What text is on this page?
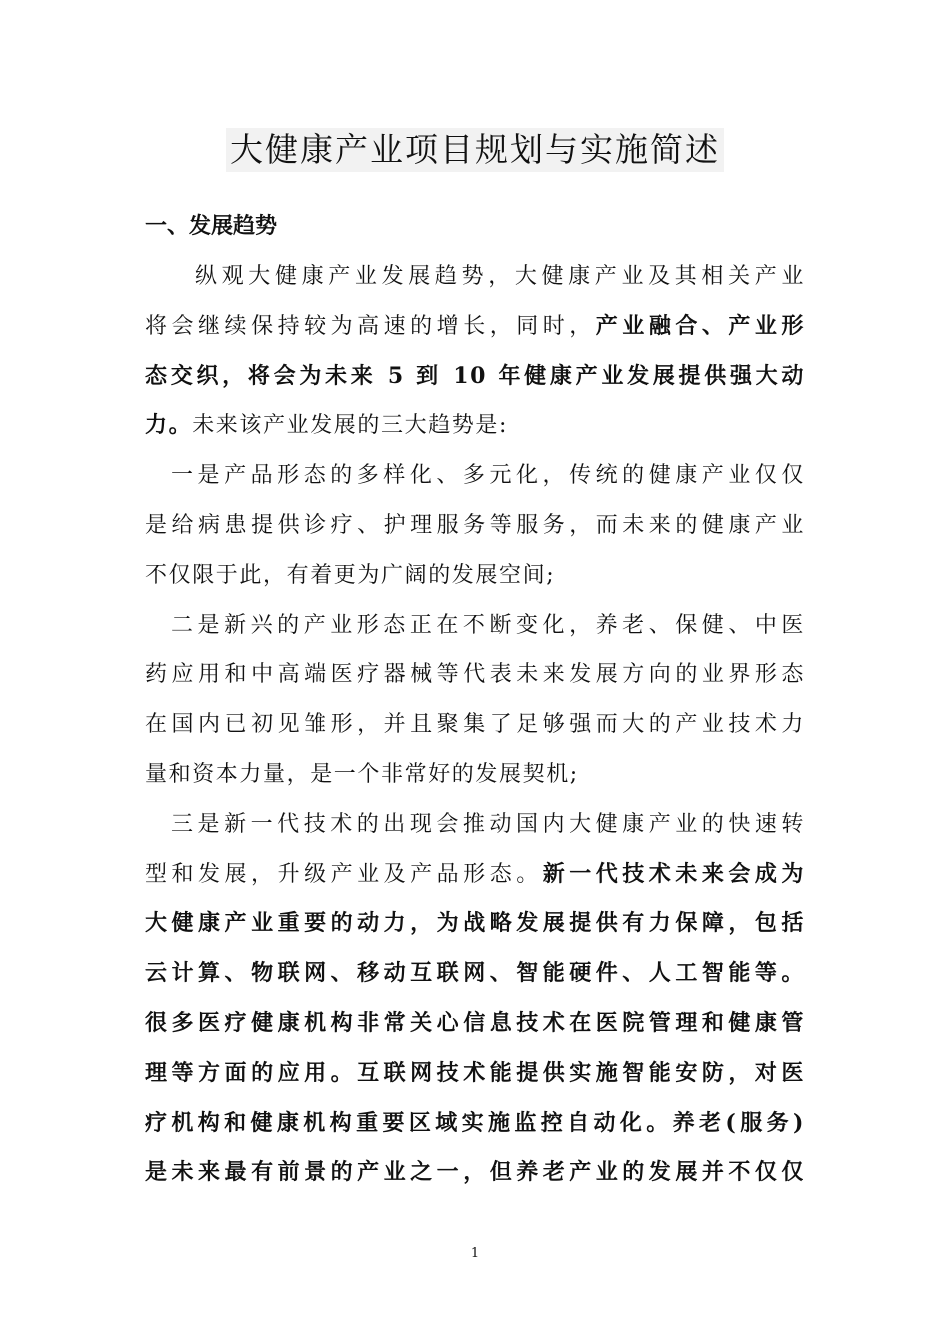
大健康产业项目规划与实施简述
一、发展趋势

纵观大健康产业发展趋势，大健康产业及其相关产业

将会继续保持较为高速的增长，同时，产业融合、产业形

态交织，将会为未来 5 到 10 年健康产业发展提供强大动

力。未来该产业发展的三大趋势是:

一是产品形态的多样化、多元化，传统的健康产业仅仅

是给病患提供诊疗、护理服务等服务，而未来的健康产业

不仅限于此，有着更为广阔的发展空间;

二是新兴的产业形态正在不断变化，养老、保健、中医

药应用和中高端医疗器械等代表未来发展方向的业界形态

在国内已初见雏形，并且聚集了足够强而大的产业技术力

量和资本力量，是一个非常好的发展契机;

三是新一代技术的出现会推动国内大健康产业的快速转

型和发展，升级产业及产品形态。新一代技术未来会成为

大健康产业重要的动力，为战略发展提供有力保障，包括

云计算、物联网、移动互联网、智能硬件、人工智能等。

很多医疗健康机构非常关心信息技术在医院管理和健康管

理等方面的应用。互联网技术能提供实施智能安防，对医

疗机构和健康机构重要区域实施监控自动化。养老(服务)

是未来最有前景的产业之一，但养老产业的发展并不仅仅

1
